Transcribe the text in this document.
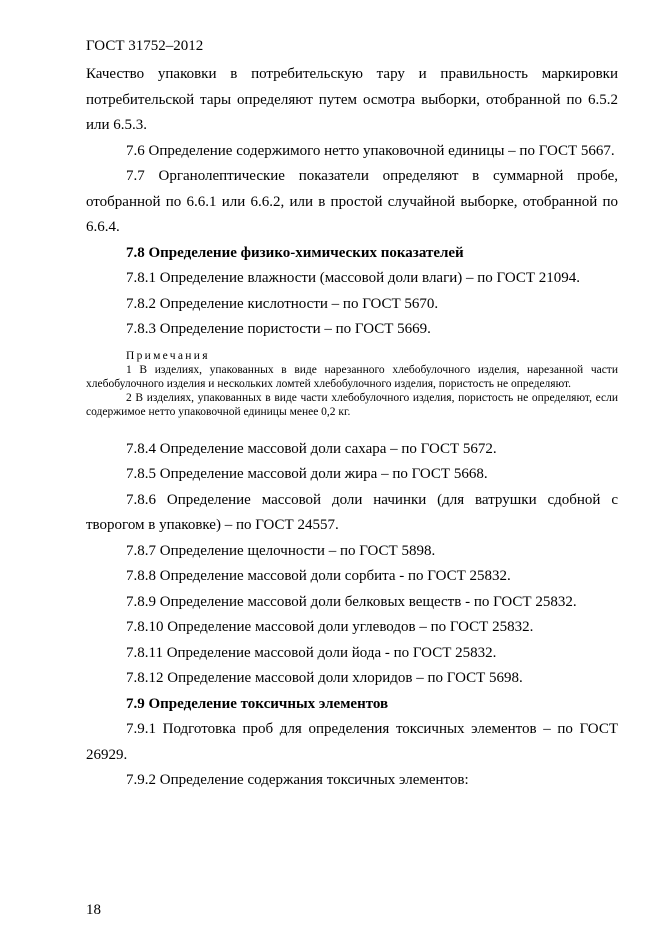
ГОСТ 31752–2012

Качество упаковки в потребительскую тару и правильность маркировки потребительской тары определяют путем осмотра выборки, отобранной по 6.5.2 или 6.5.3.

7.6 Определение содержимого нетто упаковочной единицы – по ГОСТ 5667.

7.7 Органолептические показатели определяют в суммарной пробе, отобранной по 6.6.1 или 6.6.2, или в простой случайной выборке, отобранной по 6.6.4.

7.8 Определение физико-химических показателей

7.8.1 Определение влажности (массовой доли влаги) – по ГОСТ 21094.

7.8.2 Определение кислотности – по ГОСТ 5670.

7.8.3 Определение пористости – по ГОСТ 5669.

Примечания

1 В изделиях, упакованных в виде нарезанного хлебобулочного изделия, нарезанной части хлебобулочного изделия и нескольких ломтей хлебобулочного изделия, пористость не определяют.

2 В изделиях, упакованных в виде части хлебобулочного изделия, пористость не определяют, если содержимое нетто упаковочной единицы менее 0,2 кг.

7.8.4 Определение массовой доли сахара – по ГОСТ 5672.

7.8.5 Определение массовой доли жира – по ГОСТ 5668.

7.8.6 Определение массовой доли начинки (для ватрушки сдобной с творогом в упаковке) – по ГОСТ 24557.

7.8.7 Определение щелочности – по ГОСТ 5898.

7.8.8 Определение массовой доли сорбита - по ГОСТ 25832.

7.8.9 Определение массовой доли белковых веществ - по ГОСТ 25832.

7.8.10 Определение массовой доли углеводов – по ГОСТ 25832.

7.8.11 Определение массовой доли йода - по ГОСТ 25832.

7.8.12 Определение массовой доли хлоридов – по ГОСТ 5698.

7.9 Определение токсичных элементов

7.9.1 Подготовка проб для определения токсичных элементов – по ГОСТ 26929.

7.9.2 Определение содержания токсичных элементов:

18
